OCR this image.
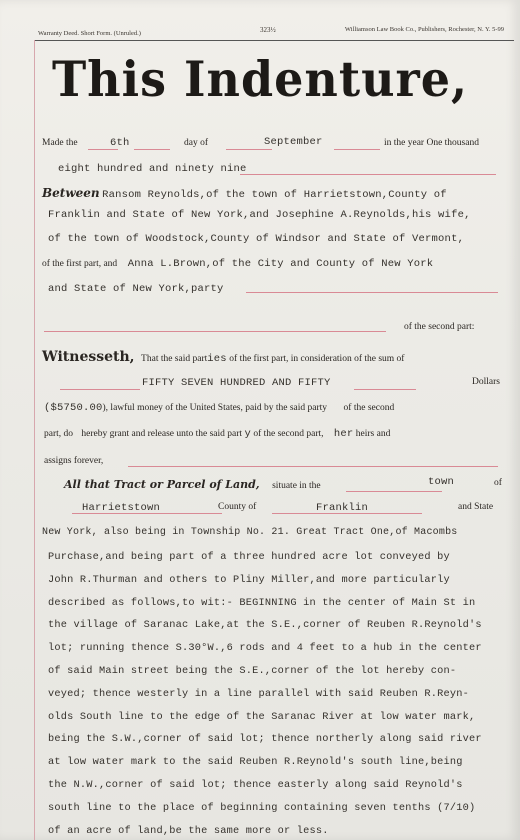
Warranty Deed. Short Form. (Unruled.)	323½	Williamson Law Book Co., Publishers, Rochester, N. Y. 5-99
This Indenture,
Made the	6th	day of	September	in the year One thousand
eight hundred and ninety nine
Between Ransom Reynolds,of the town of Harrietstown,County of
Franklin and State of New York,and Josephine A.Reynolds,his wife,
of the town of Woodstock,County of Windsor and State of Vermont,
of the first part, and Anna L.Brown,of the City and County of New York
and State of New York,party
of the second part:
Witnesseth, That the said parties of the first part, in consideration of the sum of
FIFTY SEVEN HUNDRED AND FIFTY	Dollars
($5750.00), lawful money of the United States, paid by the said party of the second
part, do hereby grant and release unto the said part y of the second part, her heirs and
assigns forever,
All that Tract or Parcel of Land, situate in the	town	of
Harrietstown	County of	Franklin	and State
New York, also being in Township No. 21. Great Tract One,of Macombs
Purchase,and being part of a three hundred acre lot conveyed by
John R.Thurman and others to Pliny Miller,and more particularly
described as follows,to wit:- BEGINNING in the center of Main St in
the village of Saranac Lake,at the S.E.,corner of Reuben R.Reynold's
lot; running thence S.30°W.,6 rods and 4 feet to a hub in the center
of said Main street being the S.E.,corner of the lot hereby con-
veyed; thence westerly in a line parallel with said Reuben R.Reyn-
olds South line to the edge of the Saranac River at low water mark,
being the S.W.,corner of said lot; thence northerly along said river
at low water mark to the said Reuben R.Reynold's south line,being
the N.W.,corner of said lot; thence easterly along said Reynold's
south line to the place of beginning containing seven tenths (7/10)
of an acre of land,be the same more or less.
